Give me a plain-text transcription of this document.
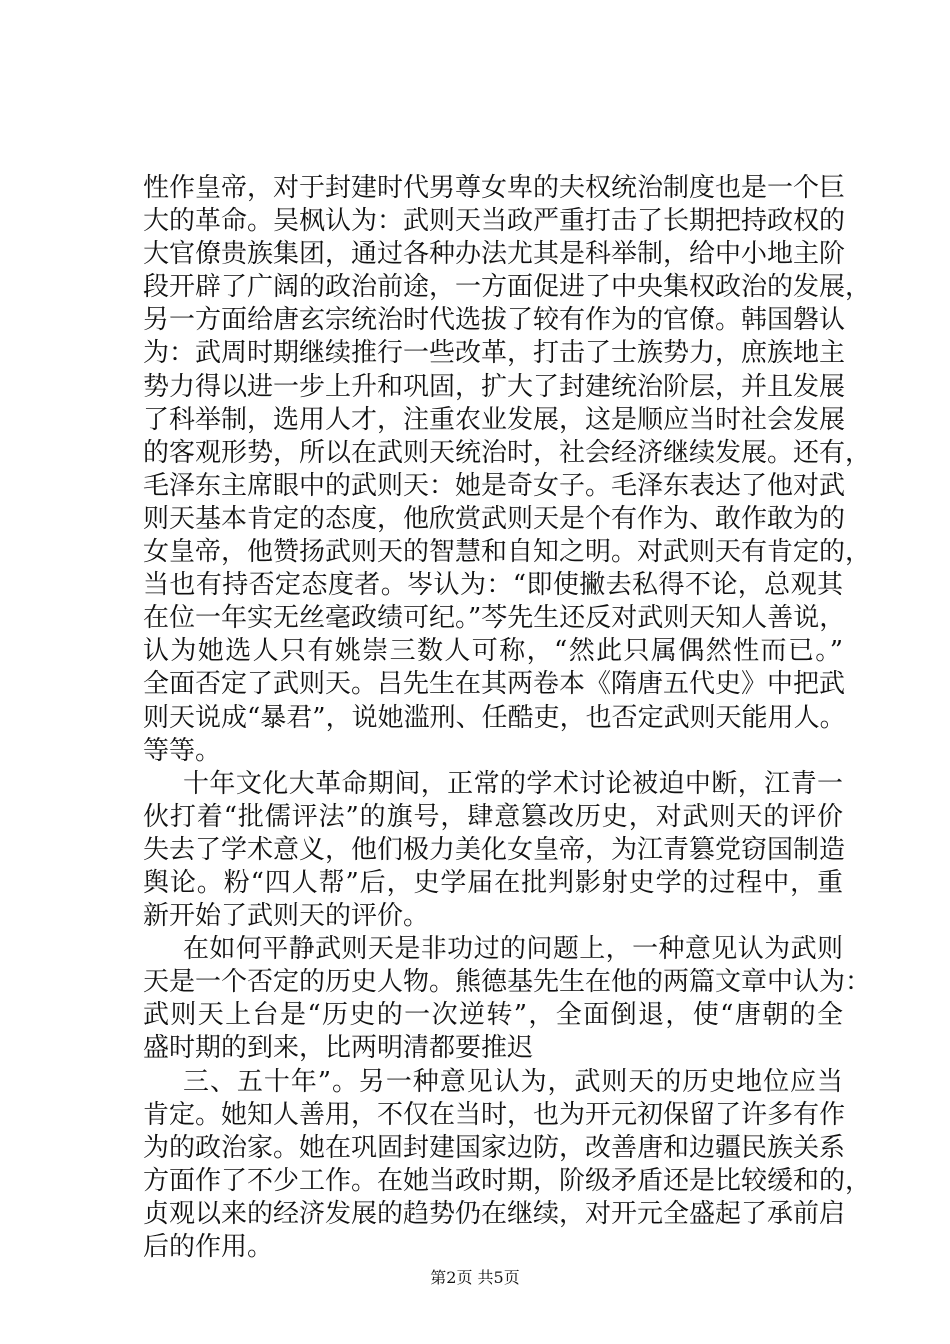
性作皇帝，对于封建时代男尊女卑的夫权统治制度也是一个巨
大的革命。吴枫认为：武则天当政严重打击了长期把持政权的
大官僚贵族集团，通过各种办法尤其是科举制，给中小地主阶
段开辟了广阔的政治前途，一方面促进了中央集权政治的发展，
另一方面给唐玄宗统治时代选拔了较有作为的官僚。韩国磐认
为：武周时期继续推行一些改革，打击了士族势力，庶族地主
势力得以进一步上升和巩固，扩大了封建统治阶层，并且发展
了科举制，选用人才，注重农业发展，这是顺应当时社会发展
的客观形势，所以在武则天统治时，社会经济继续发展。还有，
毛泽东主席眼中的武则天：她是奇女子。毛泽东表达了他对武
则天基本肯定的态度，他欣赏武则天是个有作为、敢作敢为的
女皇帝，他赞扬武则天的智慧和自知之明。对武则天有肯定的，
当也有持否定态度者。岑认为：“即使撇去私得不论，总观其
在位一年实无丝毫政绩可纪。”芩先生还反对武则天知人善说，
认为她选人只有姚崇三数人可称，“然此只属偶然性而已。”
全面否定了武则天。吕先生在其两卷本《隋唐五代史》中把武
则天说成“暴君”，说她滥刑、任酷吏，也否定武则天能用人。
等等。
十年文化大革命期间，正常的学术讨论被迫中断，江青一
伙打着“批儒评法”的旗号，肆意篡改历史，对武则天的评价
失去了学术意义，他们极力美化女皇帝，为江青篡党窃国制造
舆论。粉“四人帮”后，史学届在批判影射史学的过程中，重
新开始了武则天的评价。
在如何平静武则天是非功过的问题上，一种意见认为武则
天是一个否定的历史人物。熊德基先生在他的两篇文章中认为：
武则天上台是“历史的一次逆转”，全面倒退，使“唐朝的全
盛时期的到来，比两明清都要推迟
三、五十年”。另一种意见认为，武则天的历史地位应当
肯定。她知人善用，不仅在当时，也为开元初保留了许多有作
为的政治家。她在巩固封建国家边防，改善唐和边疆民族关系
方面作了不少工作。在她当政时期，阶级矛盾还是比较缓和的，
贞观以来的经济发展的趋势仍在继续，对开元全盛起了承前启
后的作用。
第2页 共5页
